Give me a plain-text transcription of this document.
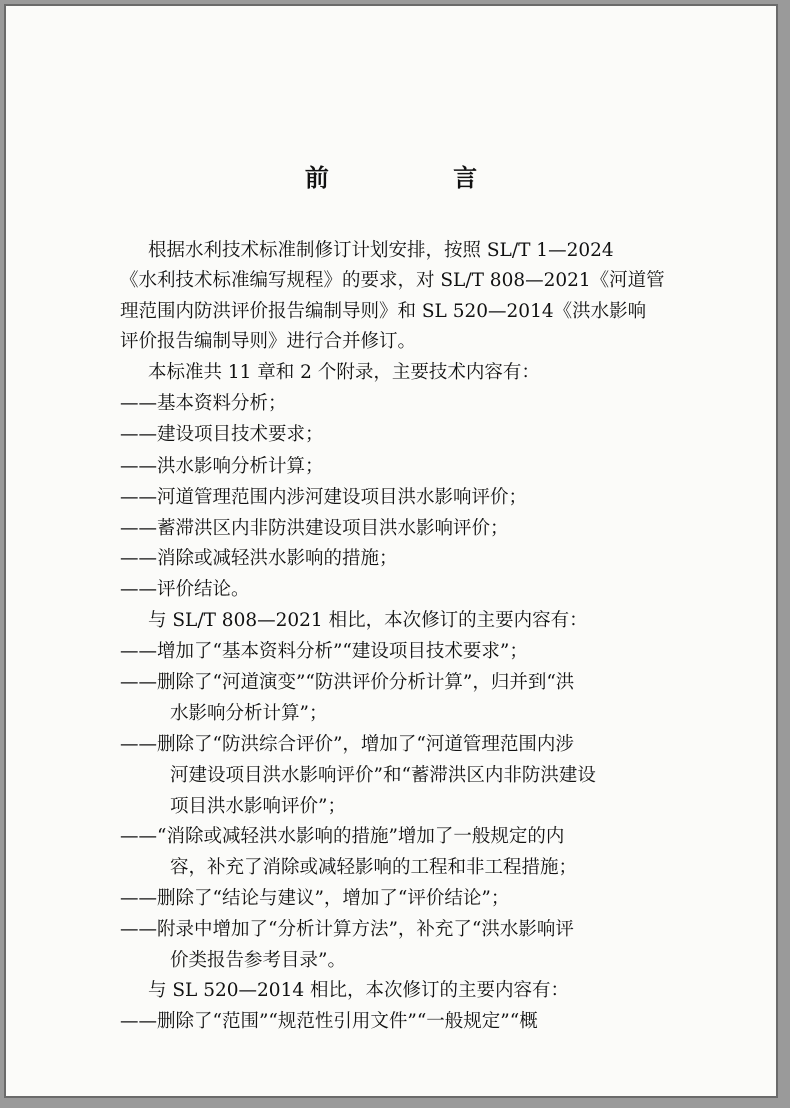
前 言
根据水利技术标准制修订计划安排，按照 SL/T 1—2024
《水利技术标准编写规程》的要求，对 SL/T 808—2021《河道管
理范围内防洪评价报告编制导则》和 SL 520—2014《洪水影响
评价报告编制导则》进行合并修订。
本标准共 11 章和 2 个附录，主要技术内容有：
——基本资料分析；
——建设项目技术要求；
——洪水影响分析计算；
——河道管理范围内涉河建设项目洪水影响评价；
——蓄滞洪区内非防洪建设项目洪水影响评价；
——消除或减轻洪水影响的措施；
——评价结论。
与 SL/T 808—2021 相比，本次修订的主要内容有：
——增加了“基本资料分析”“建设项目技术要求”；
——删除了“河道演变”“防洪评价分析计算”，归并到“洪
水影响分析计算”；
——删除了“防洪综合评价”，增加了“河道管理范围内涉
河建设项目洪水影响评价”和“蓄滞洪区内非防洪建设
项目洪水影响评价”；
——“消除或减轻洪水影响的措施”增加了一般规定的内
容，补充了消除或减轻影响的工程和非工程措施；
——删除了“结论与建议”，增加了“评价结论”；
——附录中增加了“分析计算方法”，补充了“洪水影响评
价类报告参考目录”。
与 SL 520—2014 相比，本次修订的主要内容有：
——删除了“范围”“规范性引用文件”“一般规定”“概
